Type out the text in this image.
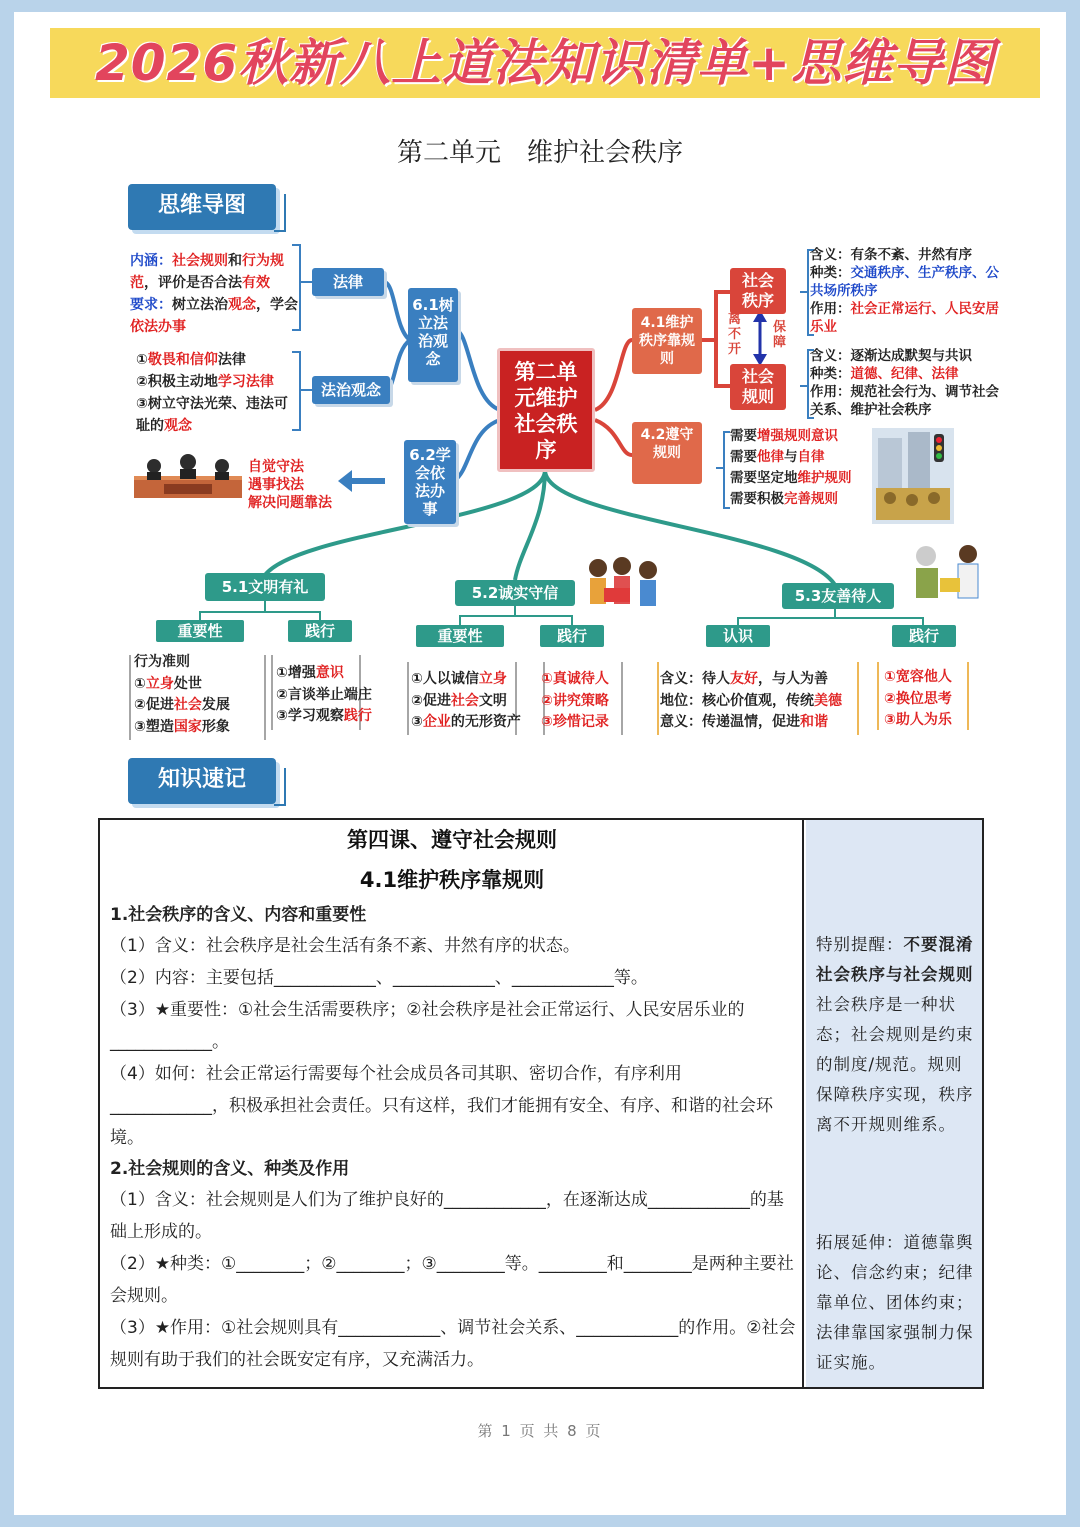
2026秋新八上道法知识清单+思维导图
第二单元　维护社会秩序
思维导图
第二单元维护社会秩序
6.1树立法治观念
6.2学会依法办事
法律
法治观念
内涵：社会规则和行为规范，评价是否合法有效
要求：树立法治观念，学会依法办事
①敬畏和信仰法律
②积极主动地学习法律
③树立守法光荣、违法可耻的观念
自觉守法
遇事找法
解决问题靠法
4.1维护秩序靠规则
4.2遵守规则
社会秩序
社会规则
离不开
保障
含义：有条不紊、井然有序
种类：交通秩序、生产秩序、公共场所秩序
作用：社会正常运行、人民安居乐业
含义：逐渐达成默契与共识
种类：道德、纪律、法律
作用：规范社会行为、调节社会关系、维护社会秩序
需要增强规则意识
需要他律与自律
需要坚定地维护规则
需要积极完善规则
5.1文明有礼	5.2诚实守信	5.3友善待人
重要性	践行	重要性	践行	认识	践行
行为准则
①立身处世
②促进社会发展
③塑造国家形象
①增强意识
②言谈举止端庄
③学习观察践行
①人以诚信立身
②促进社会文明
③企业的无形资产
①真诚待人
②讲究策略
③珍惜记录
含义：待人友好，与人为善
地位：核心价值观，传统美德
意义：传递温情，促进和谐
①宽容他人
②换位思考
③助人为乐
知识速记
第四课、遵守社会规则
4.1维护秩序靠规则
1.社会秩序的含义、内容和重要性
（1）含义：社会秩序是社会生活有条不紊、井然有序的状态。
（2）内容：主要包括____________、____________、____________等。
（3）★重要性：①社会生活需要秩序；②社会秩序是社会正常运行、人民安居乐业的____________。
（4）如何：社会正常运行需要每个社会成员各司其职、密切合作，有序利用____________，积极承担社会责任。只有这样，我们才能拥有安全、有序、和谐的社会环境。
2.社会规则的含义、种类及作用
（1）含义：社会规则是人们为了维护良好的____________，在逐渐达成____________的基础上形成的。
（2）★种类：①________；②________；③________等。________和________是两种主要社会规则。
（3）★作用：①社会规则具有____________、调节社会关系、____________的作用。②社会规则有助于我们的社会既安定有序，又充满活力。
特别提醒：不要混淆社会秩序与社会规则
社会秩序是一种状态；社会规则是约束的制度/规范。规则保障秩序实现，秩序离不开规则维系。
拓展延伸：道德靠舆论、信念约束；纪律靠单位、团体约束；法律靠国家强制力保证实施。
第 1 页 共 8 页
